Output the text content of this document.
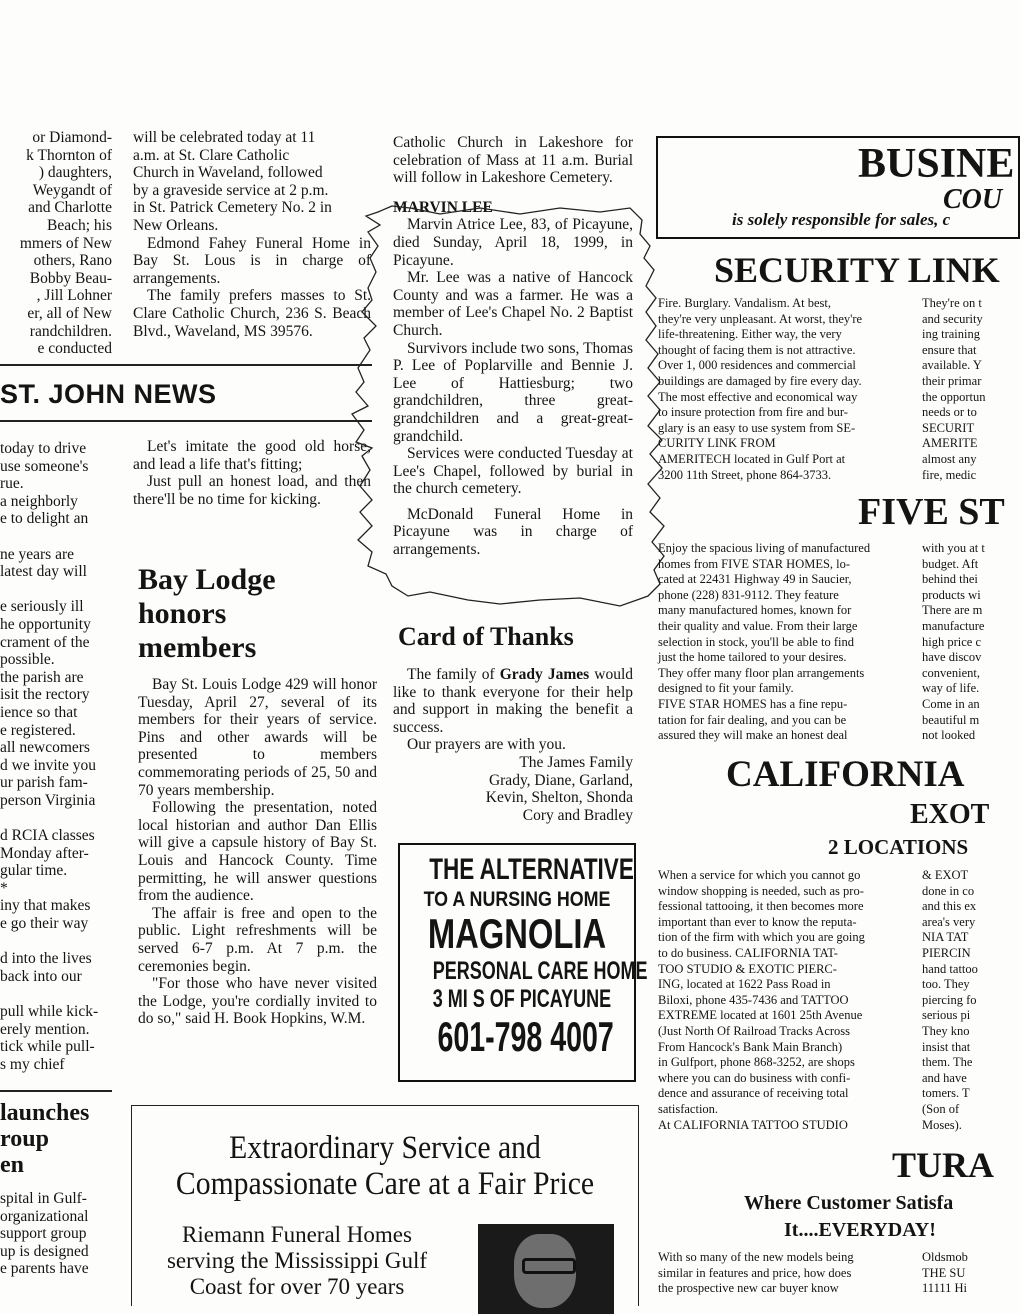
or Diamond-
k Thornton of
) daughters,
Weygandt of
and Charlotte
Beach; his
mmers of New
others, Rano
Bobby Beau-
, Jill Lohner
er, all of New
randchildren.
e conducted
ST. JOHN NEWS
today to drive
use someone's
rue.
a neighborly
e to delight an

ne years are
latest day will

e seriously ill
he opportunity
crament of the
possible.
the parish are
isit the rectory
ience so that
e registered.
all newcomers
d we invite you
ur parish fam-
person Virginia

d RCIA classes
Monday after-
gular time.
*
iny that makes
e go their way

d into the lives
back into our

pull while kick-
erely mention.
tick while pull-
s my chief
launches
roup
en
spital in Gulf-
organizational
support group
up is designed
e parents have
will be celebrated today at 11
a.m. at St. Clare Catholic
Church in Waveland, followed
by a graveside service at 2 p.m.
in St. Patrick Cemetery No. 2 in
New Orleans.

Edmond Fahey Funeral Home in Bay St. Lous is in charge of arrangements.

The family prefers masses to St. Clare Catholic Church, 236 S. Beach Blvd., Waveland, MS 39576.

Let's imitate the good old horse, and lead a life that's fitting;

Just pull an honest load, and then there'll be no time for kicking.

Bay Lodge
honors
members

Bay St. Louis Lodge 429 will honor Tuesday, April 27, several of its members for their years of service. Pins and other awards will be presented to members commemorating periods of 25, 50 and 70 years membership.

Following the presentation, noted local historian and author Dan Ellis will give a capsule history of Bay St. Louis and Hancock County. Time permitting, he will answer questions from the audience.

The affair is free and open to the public. Light refreshments will be served 6-7 p.m. At 7 p.m. the ceremonies begin.

"For those who have never visited the Lodge, you're cordially invited to do so," said H. Book Hopkins, W.M.

Catholic Church in Lakeshore for celebration of Mass at 11 a.m. Burial will follow in Lakeshore Cemetery.

MARVIN LEE

Marvin Atrice Lee, 83, of Picayune, died Sunday, April 18, 1999, in Picayune.

Mr. Lee was a native of Hancock County and was a farmer. He was a member of Lee's Chapel No. 2 Baptist Church.

Survivors include two sons, Thomas P. Lee of Poplarville and Bennie J. Lee of Hattiesburg; two grandchildren, three great-grandchildren and a great-great-grandchild.

Services were conducted Tuesday at Lee's Chapel, followed by burial in the church cemetery.

McDonald Funeral Home in Picayune was in charge of arrangements.

Card of Thanks

The family of Grady James would like to thank everyone for their help and support in making the benefit a success.

Our prayers are with you.

The James Family
Grady, Diane, Garland,
Kevin, Shelton, Shonda
Cory and Bradley
THE ALTERNATIVE
TO A NURSING HOME
MAGNOLIA
PERSONAL CARE HOME
3 MI S OF PICAYUNE
601-798 4007
Extraordinary Service and
Compassionate Care at a Fair Price
Riemann Funeral Homes
serving the Mississippi Gulf
Coast for over 70 years
BUSINE
COU
is solely responsible for sales, c
SECURITY LINK
Fire. Burglary. Vandalism. At best,
they're very unpleasant. At worst, they're
life-threatening. Either way, the very
thought of facing them is not attractive.
Over 1, 000 residences and commercial
buildings are damaged by fire every day.
The most effective and economical way
to insure protection from fire and bur-
glary is an easy to use system from SE-
CURITY LINK FROM
AMERITECH located in Gulf Port at
3200 11th Street, phone 864-3733.
They're on t
and security
ing training
ensure that
available. Y
their primar
the opportun
needs or to
SECURIT
AMERITE
almost any
fire, medic
FIVE ST
Enjoy the spacious living of manufactured
homes from FIVE STAR HOMES, lo-
cated at 22431 Highway 49 in Saucier,
phone (228) 831-9112. They feature
many manufactured homes, known for
their quality and value. From their large
selection in stock, you'll be able to find
just the home tailored to your desires.
They offer many floor plan arrangements
designed to fit your family.
FIVE STAR HOMES has a fine repu-
tation for fair dealing, and you can be
assured they will make an honest deal
with you at t
budget. Aft
behind thei
products wi
There are m
manufacture
high price c
have discov
convenient,
way of life.
Come in an
beautiful m
not looked
CALIFORNIA
EXOT
2 LOCATIONS
When a service for which you cannot go
window shopping is needed, such as pro-
fessional tattooing, it then becomes more
important than ever to know the reputa-
tion of the firm with which you are going
to do business. CALIFORNIA TAT-
TOO STUDIO & EXOTIC PIERC-
ING, located at 1622 Pass Road in
Biloxi, phone 435-7436 and TATTOO
EXTREME located at 1601 25th Avenue
(Just North Of Railroad Tracks Across
From Hancock's Bank Main Branch)
in Gulfport, phone 868-3252, are shops
where you can do business with confi-
dence and assurance of receiving total
satisfaction.
At CALIFORNIA TATTOO STUDIO
& EXOT
done in co
and this ex
area's very
NIA TAT
PIERCIN
hand tattoo
too. They
piercing fo
serious pi
They kno
insist that
them. The
and have
tomers. T
(Son of
Moses).
TURA
Where Customer Satisfa
It....EVERYDAY!
With so many of the new models being
similar in features and price, how does
the prospective new car buyer know
Oldsmob
THE SU
11111 Hi
